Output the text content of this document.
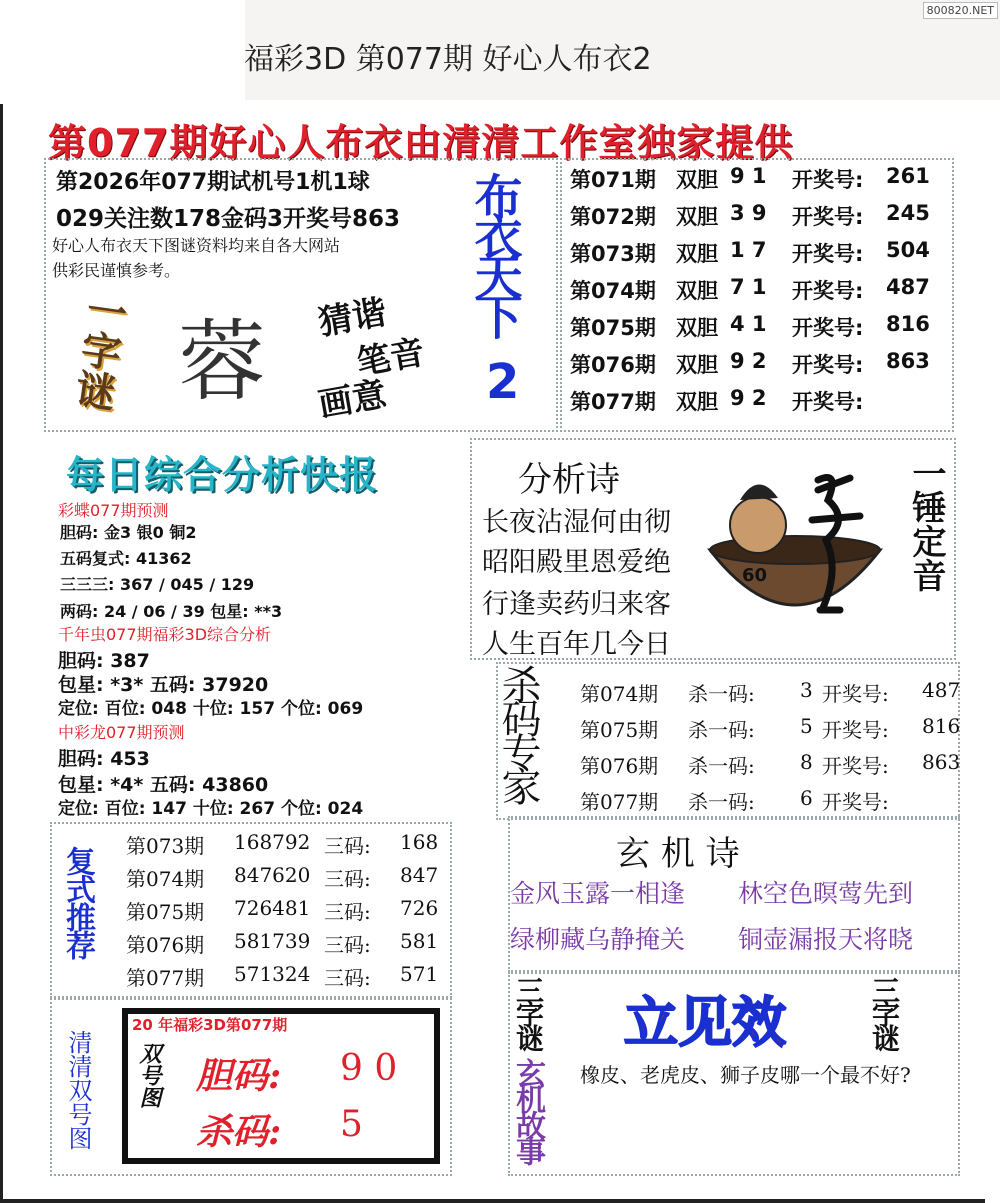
福彩3D 第077期 好心人布衣2
800820.NET
第077期好心人布衣由清清工作室独家提供
第2026年077期试机号1机1球
029关注数178金码3开奖号863
好心人布衣天下图谜资料均来自各大网站
供彩民谨慎参考。
一字谜 蓉 猜谐
笔音
画意
布衣天下
2
第071期 双胆 9 1 开奖号: 261
第072期 双胆 3 9 开奖号: 245
第073期 双胆 1 7 开奖号: 504
第074期 双胆 7 1 开奖号: 487
第075期 双胆 4 1 开奖号: 816
第076期 双胆 9 2 开奖号: 863
第077期 双胆 9 2 开奖号:
每日综合分析快报
彩蝶077期预测
胆码: 金3 银0 铜2
五码复式: 41362
三三三: 367 / 045 / 129
两码: 24 / 06 / 39 包星: **3
千年虫077期福彩3D综合分析
胆码: 387
包星: *3* 五码: 37920
定位: 百位: 048 十位: 157 个位: 069
中彩龙077期预测
胆码: 453
包星: *4* 五码: 43860
定位: 百位: 147 十位: 267 个位: 024
分析诗
长夜沾湿何由彻
昭阳殿里恩爱绝
行逢卖药归来客
人生百年几今日
60	一锤定音
杀码专家 第074期 杀一码: 3 开奖号: 487
第075期 杀一码: 5 开奖号: 816
第076期 杀一码: 8 开奖号: 863
第077期 杀一码: 6 开奖号:
复式推荐 第073期 168792 三码: 168
第074期 847620 三码: 847
第075期 726481 三码: 726
第076期 581739 三码: 581
第077期 571324 三码: 571
玄 机 诗
金风玉露一相逢 林空色暝莺先到
绿柳藏乌静掩关 铜壶漏报天将晓
清清双号图
20 年福彩3D第077期
双号图 胆码: 9 0
杀码: 5
三字谜
玄机故事
立见效	三字谜
橡皮、老虎皮、狮子皮哪一个最不好?
